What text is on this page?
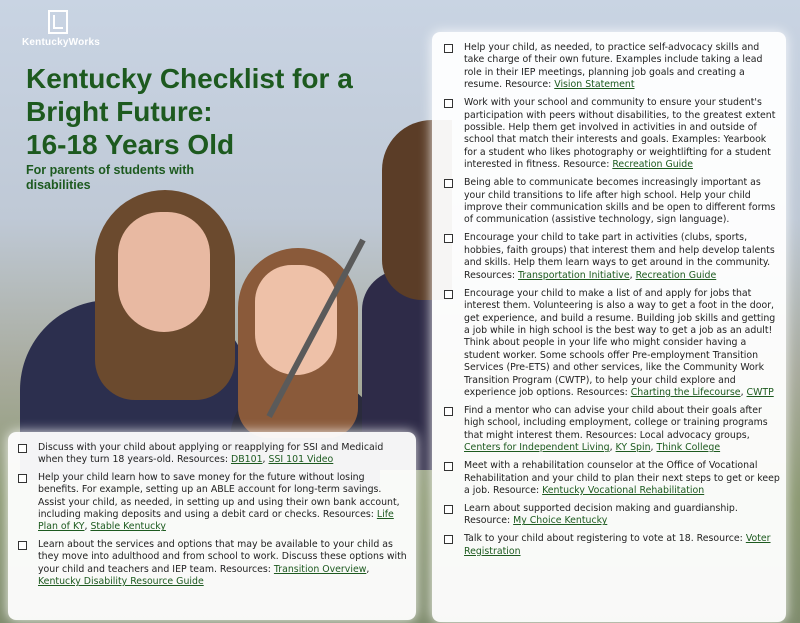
KentuckyWorks
Kentucky Checklist for a
Bright Future:
16-18 Years Old
For parents of students with disabilities
Help your child, as needed, to practice self-advocacy skills and take charge of their own future. Examples include taking a lead role in their IEP meetings, planning job goals and creating a resume. Resource: Vision Statement
Work with your school and community to ensure your student's participation with peers without disabilities, to the greatest extent possible. Help them get involved in activities in and outside of school that match their interests and goals. Examples: Yearbook for a student who likes photography or weightlifting for a student interested in fitness. Resource: Recreation Guide
Being able to communicate becomes increasingly important as your child transitions to life after high school. Help your child improve their communication skills and be open to different forms of communication (assistive technology, sign language).
Encourage your child to take part in activities (clubs, sports, hobbies, faith groups) that interest them and help develop talents and skills. Help them learn ways to get around in the community. Resources: Transportation Initiative, Recreation Guide
Encourage your child to make a list of and apply for jobs that interest them. Volunteering is also a way to get a foot in the door, get experience, and build a resume. Building job skills and getting a job while in high school is the best way to get a job as an adult! Think about people in your life who might consider having a student worker. Some schools offer Pre-employment Transition Services (Pre-ETS) and other services, like the Community Work Transition Program (CWTP), to help your child explore and experience job options. Resources: Charting the Lifecourse, CWTP
Find a mentor who can advise your child about their goals after high school, including employment, college or training programs that might interest them. Resources: Local advocacy groups, Centers for Independent Living, KY Spin, Think College
Meet with a rehabilitation counselor at the Office of Vocational Rehabilitation and your child to plan their next steps to get or keep a job. Resource: Kentucky Vocational Rehabilitation
Learn about supported decision making and guardianship. Resource: My Choice Kentucky
Talk to your child about registering to vote at 18. Resource: Voter Registration
Discuss with your child about applying or reapplying for SSI and Medicaid when they turn 18 years-old. Resources: DB101, SSI 101 Video
Help your child learn how to save money for the future without losing benefits. For example, setting up an ABLE account for long-term savings. Assist your child, as needed, in setting up and using their own bank account, including making deposits and using a debit card or checks. Resources: Life Plan of KY, Stable Kentucky
Learn about the services and options that may be available to your child as they move into adulthood and from school to work. Discuss these options with your child and teachers and IEP team. Resources: Transition Overview, Kentucky Disability Resource Guide
